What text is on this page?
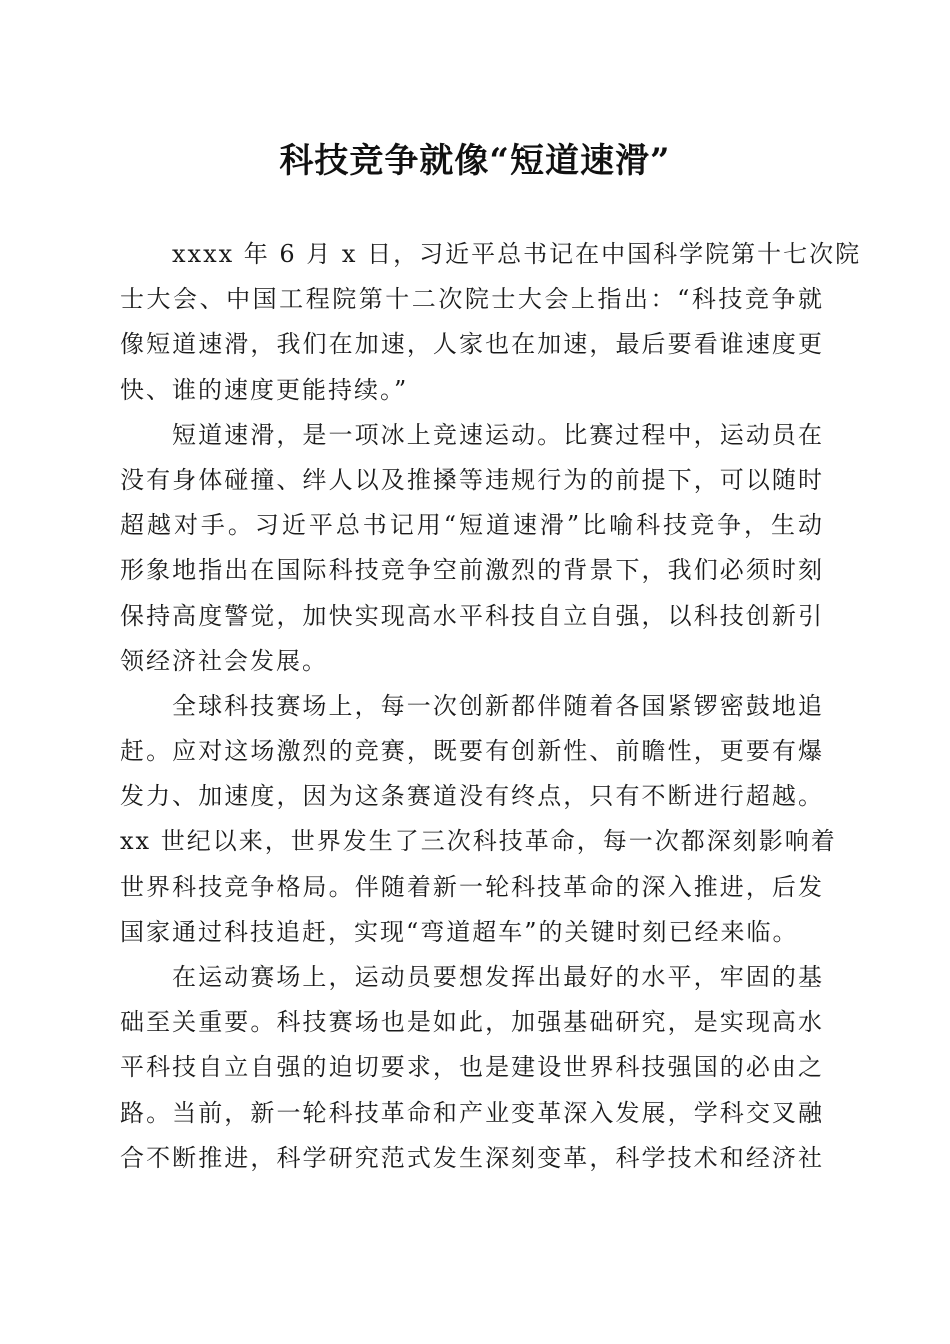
科技竞争就像“短道速滑”
xxxx 年 6 月 x 日，习近平总书记在中国科学院第十七次院
士大会、中国工程院第十二次院士大会上指出：“科技竞争就
像短道速滑，我们在加速，人家也在加速，最后要看谁速度更
快、谁的速度更能持续。”
短道速滑，是一项冰上竞速运动。比赛过程中，运动员在
没有身体碰撞、绊人以及推搡等违规行为的前提下，可以随时
超越对手。习近平总书记用“短道速滑”比喻科技竞争，生动
形象地指出在国际科技竞争空前激烈的背景下，我们必须时刻
保持高度警觉，加快实现高水平科技自立自强，以科技创新引
领经济社会发展。
全球科技赛场上，每一次创新都伴随着各国紧锣密鼓地追
赶。应对这场激烈的竞赛，既要有创新性、前瞻性，更要有爆
发力、加速度，因为这条赛道没有终点，只有不断进行超越。
xx 世纪以来，世界发生了三次科技革命，每一次都深刻影响着
世界科技竞争格局。伴随着新一轮科技革命的深入推进，后发
国家通过科技追赶，实现“弯道超车”的关键时刻已经来临。
在运动赛场上，运动员要想发挥出最好的水平，牢固的基
础至关重要。科技赛场也是如此，加强基础研究，是实现高水
平科技自立自强的迫切要求，也是建设世界科技强国的必由之
路。当前，新一轮科技革命和产业变革深入发展，学科交叉融
合不断推进，科学研究范式发生深刻变革，科学技术和经济社
